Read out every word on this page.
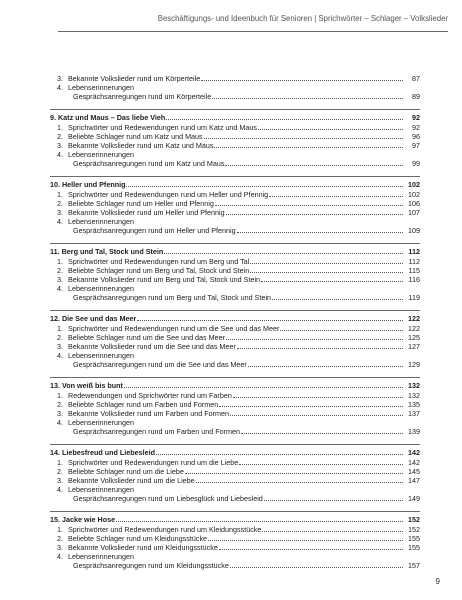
Beschäftigungs- und Ideenbuch für Senioren | Sprichwörter – Schlager – Volkslieder
3. Bekannte Volkslieder rund um Körperteile	87
4. Lebenserinnerungen
Gesprächsanregungen rund um Körperteile	89
9. Katz und Maus – Das liebe Vieh	92
1. Sprichwörter und Redewendungen rund um Katz und Maus	92
2. Beliebte Schlager rund um Katz und Maus	96
3. Bekannte Volkslieder rund um Katz und Maus	97
4. Lebenserinnerungen
Gesprächsanregungen rund um Katz und Maus	99
10. Heller und Pfennig	102
1. Sprichwörter und Redewendungen rund um Heller und Pfennig	102
2. Beliebte Schlager rund um Heller und Pfennig	106
3. Bekannte Volkslieder rund um Heller und Pfennig	107
4. Lebenserinnerungen
Gesprächsanregungen rund um Heller und Pfennig	109
11. Berg und Tal, Stock und Stein	112
1. Sprichwörter und Redewendungen rund um Berg und Tal	112
2. Beliebte Schlager rund um Berg und Tal, Stock und Stein	115
3. Bekannte Volkslieder rund um Berg und Tal, Stock und Stein	116
4. Lebenserinnerungen
Gesprächsanregungen rund um Berg und Tal, Stock und Stein	119
12. Die See und das Meer	122
1. Sprichwörter und Redewendungen rund um die See und das Meer	122
2. Beliebte Schlager rund um die See und das Meer	125
3. Bekannte Volkslieder rund um die See und das Meer	127
4. Lebenserinnerungen
Gesprächsanregungen rund um die See und das Meer	129
13. Von weiß bis bunt	132
1. Redewendungen und Sprichwörter rund um Farben	132
2. Beliebte Schlager rund um Farben und Formen	135
3. Bekannte Volkslieder rund um Farben und Formen	137
4. Lebenserinnerungen
Gesprächsanregungen rund um Farben und Formen	139
14. Liebesfreud und Liebesleid	142
1. Sprichwörter und Redewendungen rund um die Liebe	142
2. Beliebte Schlager rund um die Liebe	145
3. Bekannte Volkslieder rund um die Liebe	147
4. Lebenserinnerungen
Gesprächsanregungen rund um Liebesglück und Liebesleid	149
15. Jacke wie Hose	152
1. Sprichwörter und Redewendungen rund um Kleidungsstücke	152
2. Beliebte Schlager rund um Kleidungsstücke	155
3. Bekannte Volkslieder rund um Kleidungsstücke	155
4. Lebenserinnerungen
Gesprächsanregungen rund um Kleidungsstücke	157
9
